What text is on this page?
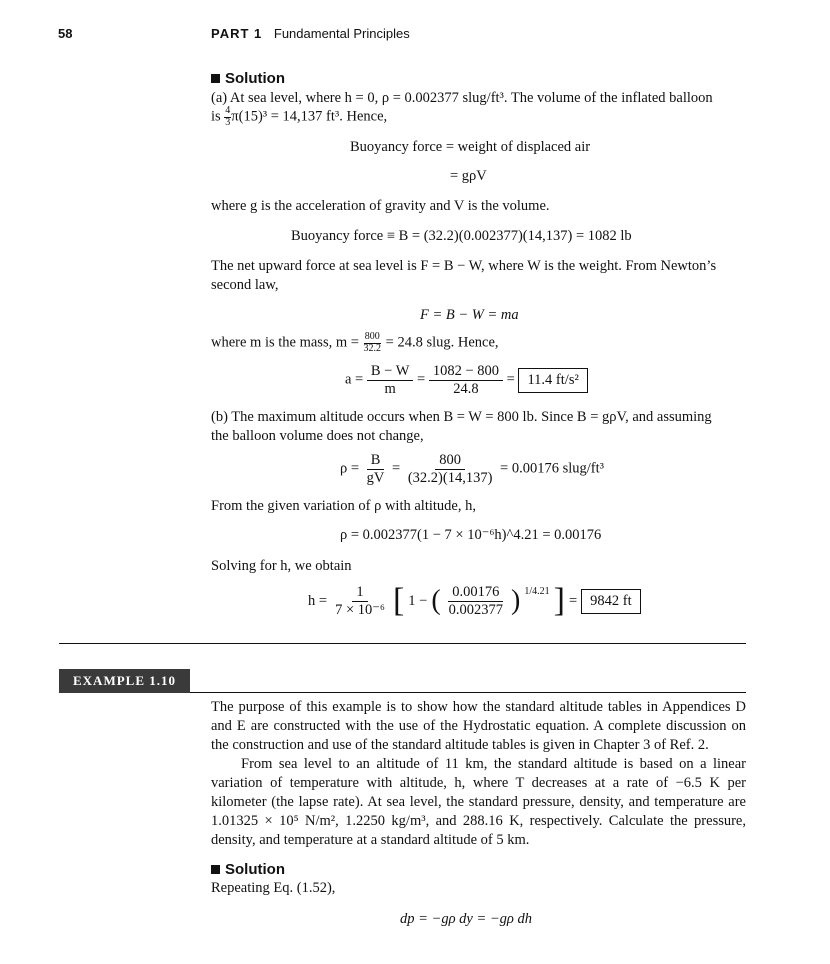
58	PART 1 Fundamental Principles
Solution
(a) At sea level, where h = 0, ρ = 0.002377 slug/ft³. The volume of the inflated balloon
is $\frac{4}{3} \pi(15)^3 = 14,137$ ft³. Hence,
Buoyancy force = weight of displaced air
= gρV
where g is the acceleration of gravity and V is the volume.
Buoyancy force ≡ B = (32.2)(0.002377)(14,137) = 1082 lb
The net upward force at sea level is F = B − W, where W is the weight. From Newton’s
second law,
F = B − W = ma
where m is the mass, $m = \frac{800}{32.2} = 24.8$ slug. Hence,
$a = \frac{B - W}{m} = \frac{1082 - 800}{24.8} = 11.4$ ft/s²
(b) The maximum altitude occurs when B = W = 800 lb. Since B = gρV, and assuming
the balloon volume does not change,
$\rho = \frac{B}{gV} = \frac{800}{(32.2)(14,137)} = 0.00176$ slug/ft³
From the given variation of ρ with altitude, h,
ρ = 0.002377(1 − 7 × 10⁻⁶h)^4.21 = 0.00176
Solving for h, we obtain
$h = \frac{1}{\text{7 × 10⁻⁶}}$ [ 1 − ( $\frac{0.00176}{0.002377}$ ) 1/4.21 ] = 9842 ft
EXAMPLE 1.10

The purpose of this example is to show how the standard altitude tables in Appendices D and E are constructed with the use of the Hydrostatic equation. A complete discussion on the construction and use of the standard altitude tables is given in Chapter 3 of Ref. 2.

From sea level to an altitude of 11 km, the standard altitude is based on a linear variation of temperature with altitude, h, where T decreases at a rate of −6.5 K per kilometer (the lapse rate). At sea level, the standard pressure, density, and temperature are 1.01325 × 10⁵ N/m², 1.2250 kg/m³, and 288.16 K, respectively. Calculate the pressure, density, and temperature at a standard altitude of 5 km.

Solution
Repeating Eq. (1.52),
dp = −gρ dy = −gρ dh
